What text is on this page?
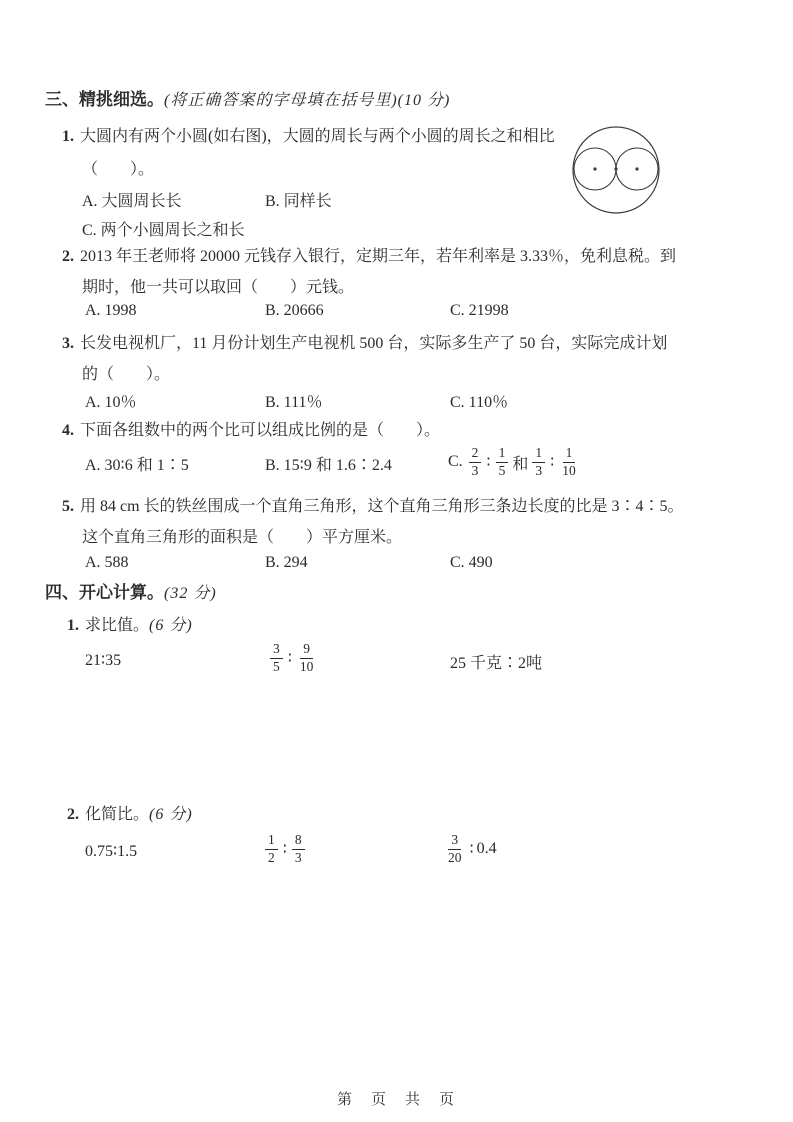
三、精挑细选。(将正确答案的字母填在括号里)(10 分)
1. 大圆内有两个小圆(如右图)，大圆的周长与两个小圆的周长之和相比
（　　）。
A. 大圆周长长	B. 同样长
C. 两个小圆周长之和长
2. 2013 年王老师将 20000 元钱存入银行，定期三年，若年利率是 3.33％，免利息税。到
期时，他一共可以取回（　　）元钱。
A. 1998	B. 20666	C. 21998
3. 长发电视机厂，11 月份计划生产电视机 500 台，实际多生产了 50 台，实际完成计划
的（　　）。
A. 10％	B. 111％	C. 110％
4. 下面各组数中的两个比可以组成比例的是（　　）。
A. 30∶6 和 1∶5	B. 15∶9 和 1.6∶2.4	C. $\frac{2}{3}$ ∶ $\frac{1}{5}$ 和 $\frac{1}{3}$ ∶ $\frac{1}{10}$
5. 用 84 cm 长的铁丝围成一个直角三角形，这个直角三角形三条边长度的比是 3∶4∶5。
这个直角三角形的面积是（　　）平方厘米。
A. 588	B. 294	C. 490
四、开心计算。(32 分)
1. 求比值。(6 分)
21∶35	$\frac{3}{5}$ ∶ $\frac{9}{10}$	25 千克∶2吨
2. 化简比。(6 分)
0.75∶1.5	$\frac{1}{2}$ ∶ $\frac{8}{3}$	$\frac{3}{20}$ ∶ 0.4
第　页　共　页
